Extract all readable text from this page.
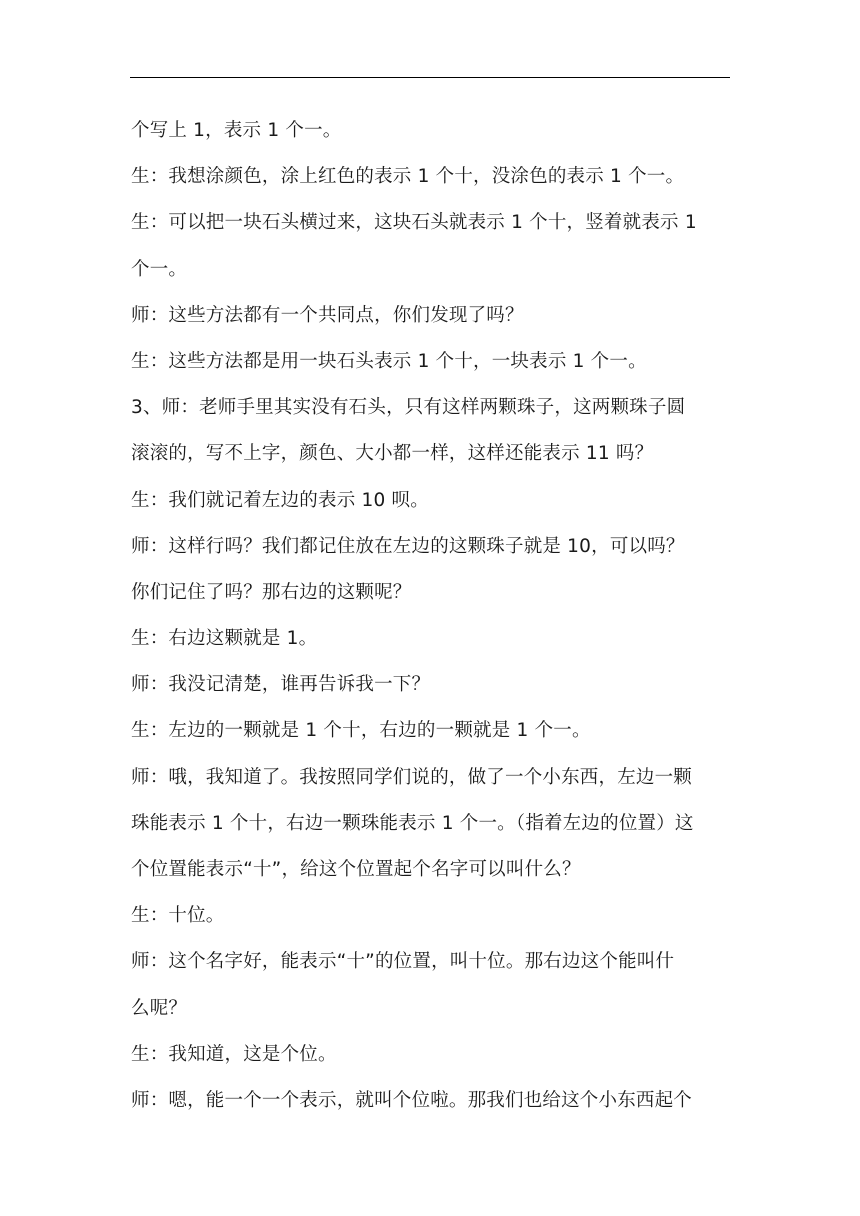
个写上 1，表示 1 个一。
生：我想涂颜色，涂上红色的表示 1 个十，没涂色的表示 1 个一。
生：可以把一块石头横过来，这块石头就表示 1 个十，竖着就表示 1
个一。
师：这些方法都有一个共同点，你们发现了吗？
生：这些方法都是用一块石头表示 1 个十，一块表示 1 个一。
3、师：老师手里其实没有石头，只有这样两颗珠子，这两颗珠子圆
滚滚的，写不上字，颜色、大小都一样，这样还能表示 11 吗？
生：我们就记着左边的表示 10 呗。
师：这样行吗？我们都记住放在左边的这颗珠子就是 10，可以吗？
你们记住了吗？那右边的这颗呢？
生：右边这颗就是 1。
师：我没记清楚，谁再告诉我一下？
生：左边的一颗就是 1 个十，右边的一颗就是 1 个一。
师：哦，我知道了。我按照同学们说的，做了一个小东西，左边一颗
珠能表示 1 个十，右边一颗珠能表示 1 个一。（指着左边的位置）这
个位置能表示“十”，给这个位置起个名字可以叫什么？
生：十位。
师：这个名字好，能表示“十”的位置，叫十位。那右边这个能叫什
么呢？
生：我知道，这是个位。
师：嗯，能一个一个表示，就叫个位啦。那我们也给这个小东西起个
